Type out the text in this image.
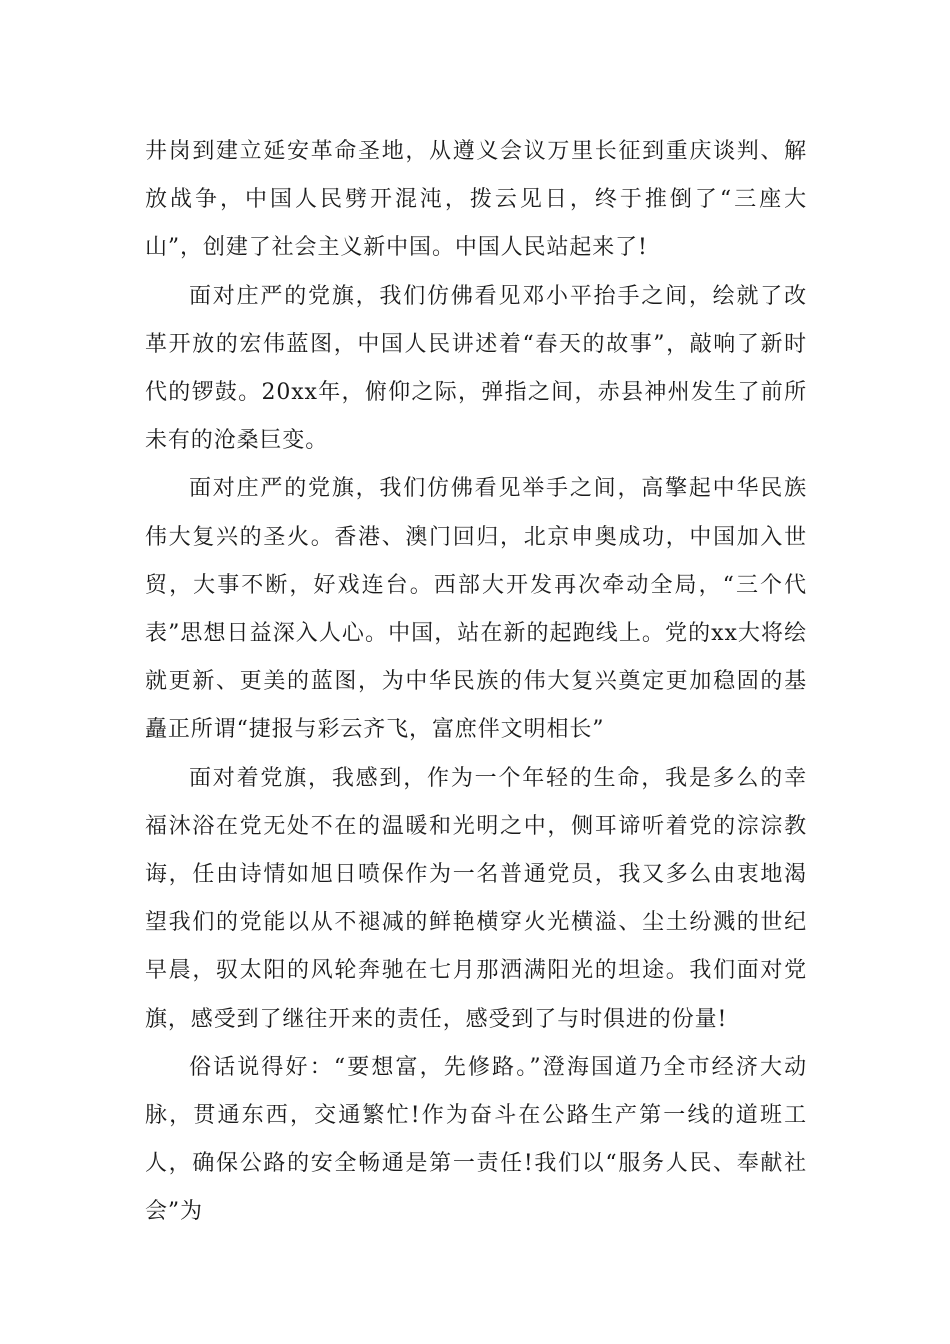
井岗到建立延安革命圣地，从遵义会议万里长征到重庆谈判、解放战争，中国人民劈开混沌，拨云见日，终于推倒了“三座大山”，创建了社会主义新中国。中国人民站起来了!

面对庄严的党旗，我们仿佛看见邓小平抬手之间，绘就了改革开放的宏伟蓝图，中国人民讲述着“春天的故事”，敲响了新时代的锣鼓。20xx年，俯仰之际，弹指之间，赤县神州发生了前所未有的沧桑巨变。

面对庄严的党旗，我们仿佛看见举手之间，高擎起中华民族伟大复兴的圣火。香港、澳门回归，北京申奥成功，中国加入世贸，大事不断，好戏连台。西部大开发再次牵动全局，“三个代表”思想日益深入人心。中国，站在新的起跑线上。党的xx大将绘就更新、更美的蓝图，为中华民族的伟大复兴奠定更加稳固的基矗正所谓“捷报与彩云齐飞，富庶伴文明相长”

面对着党旗，我感到，作为一个年轻的生命，我是多么的幸福沐浴在党无处不在的温暖和光明之中，侧耳谛听着党的淙淙教诲，任由诗情如旭日喷保作为一名普通党员，我又多么由衷地渴望我们的党能以从不褪减的鲜艳横穿火光横溢、尘土纷溅的世纪早晨，驭太阳的风轮奔驰在七月那洒满阳光的坦途。我们面对党旗，感受到了继往开来的责任，感受到了与时俱进的份量!

俗话说得好：“要想富，先修路。”澄海国道乃全市经济大动脉，贯通东西，交通繁忙!作为奋斗在公路生产第一线的道班工人，确保公路的安全畅通是第一责任!我们以“服务人民、奉献社会”为
